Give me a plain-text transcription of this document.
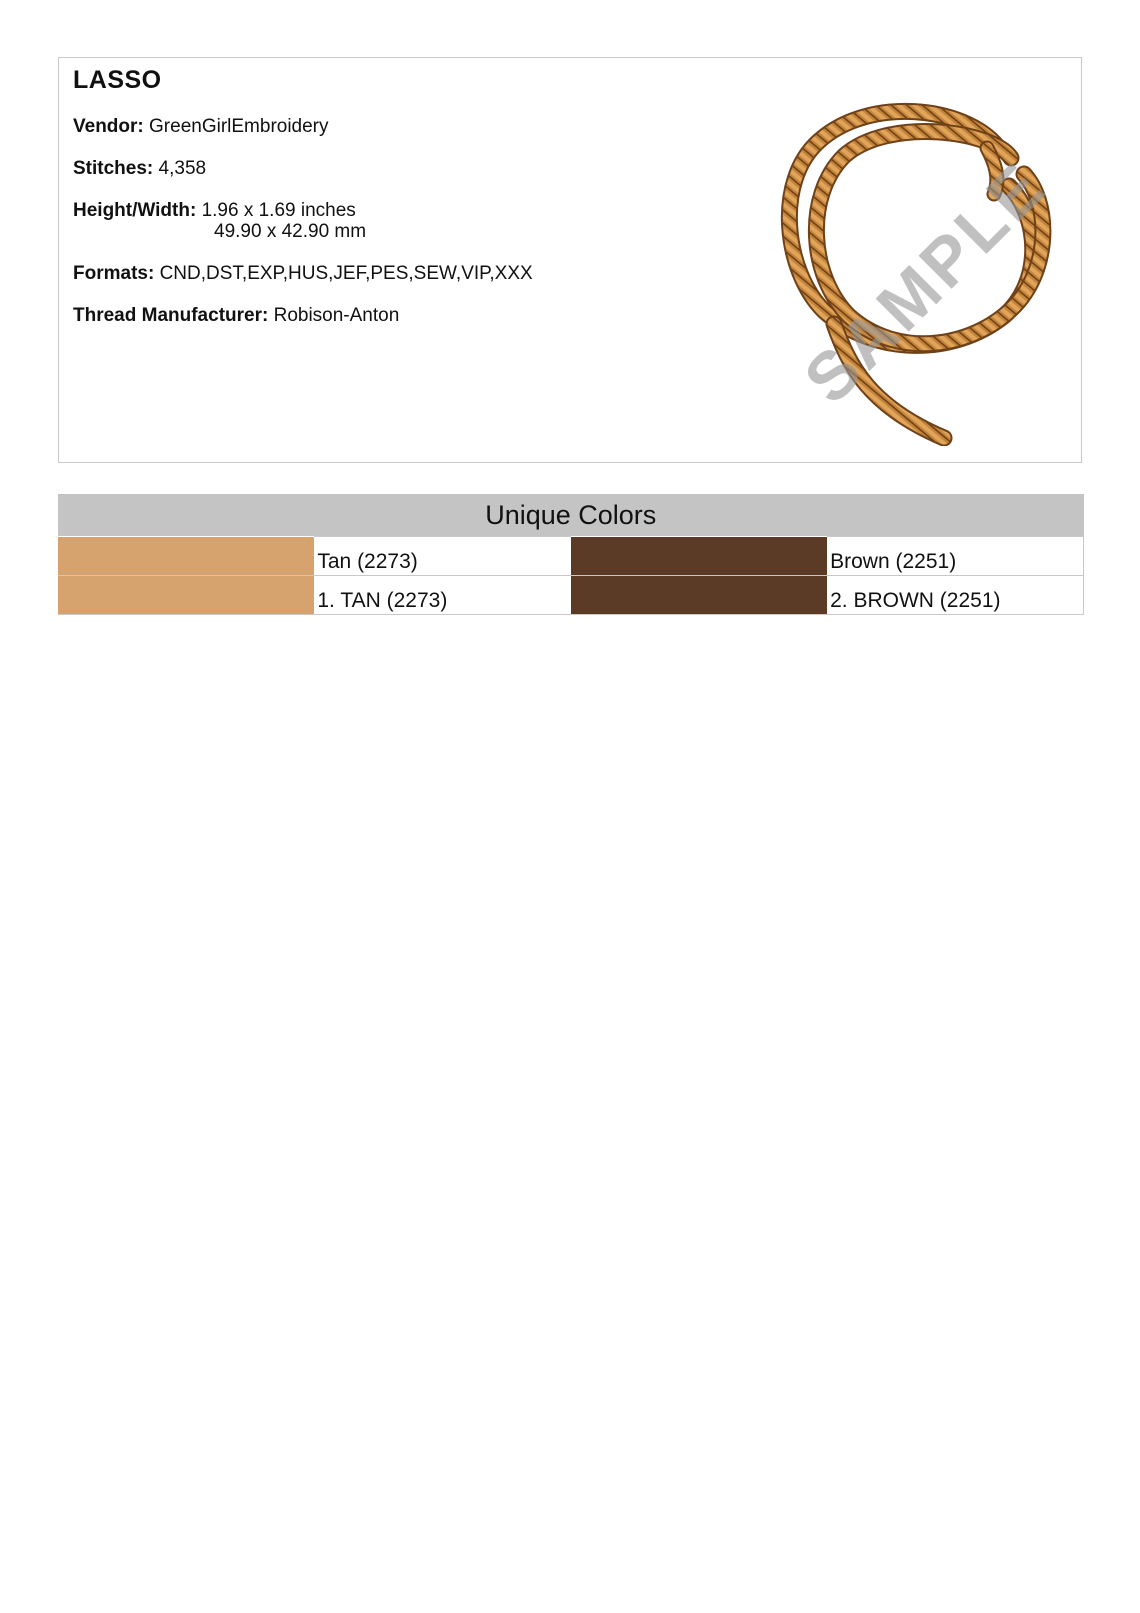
LASSO
Vendor: GreenGirlEmbroidery
Stitches: 4,358
Height/Width: 1.96 x 1.69 inches
49.90 x 42.90 mm
Formats: CND,DST,EXP,HUS,JEF,PES,SEW,VIP,XXX
Thread Manufacturer: Robison-Anton	SAMPLE
Unique Colors			
	Tan (2273)		Brown (2251)
	1. TAN (2273)		2. BROWN (2251)
